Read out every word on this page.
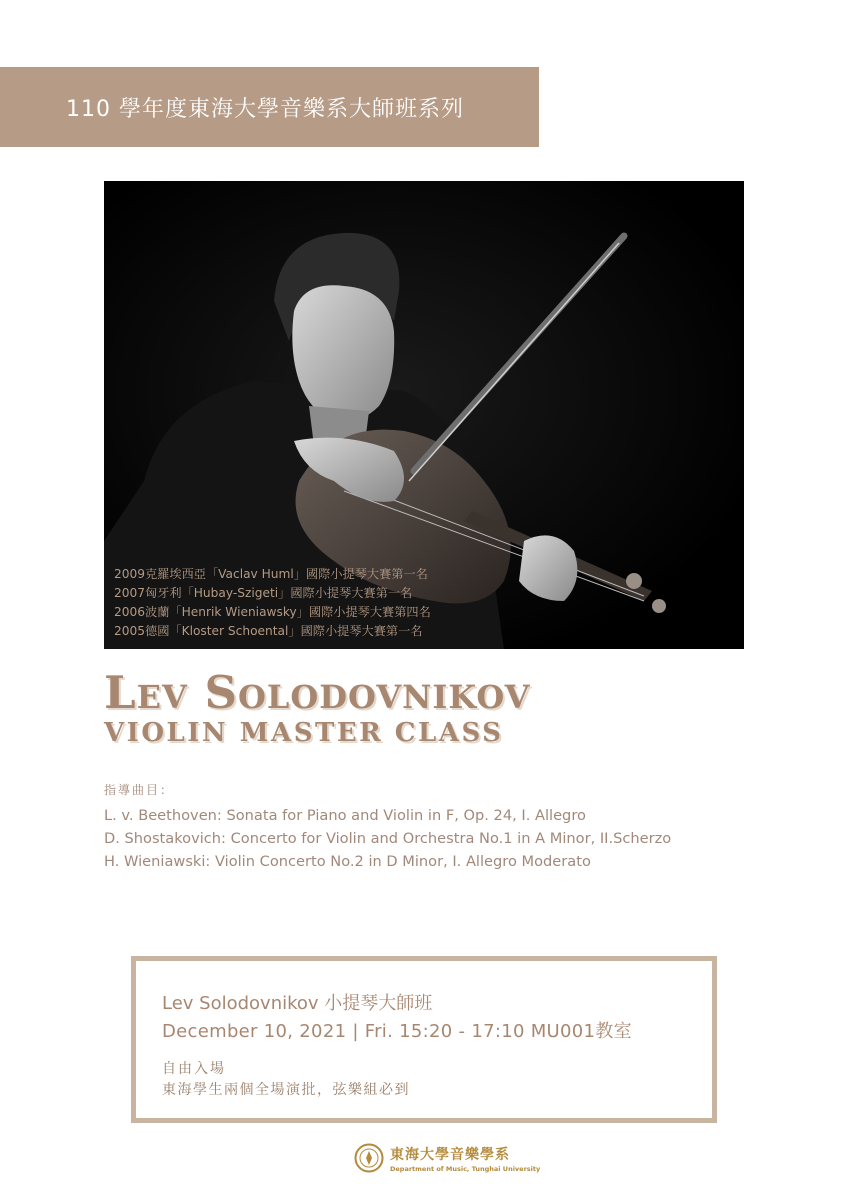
110 學年度東海大學音樂系大師班系列
2009克羅埃西亞「Vaclav Huml」國際小提琴大賽第一名
2007匈牙利「Hubay-Szigeti」國際小提琴大賽第一名
2006波蘭「Henrik Wieniawsky」國際小提琴大賽第四名
2005德國「Kloster Schoental」國際小提琴大賽第一名
Lev Solodovnikov
VIOLIN MASTER CLASS
指導曲目：
L. v. Beethoven: Sonata for Piano and Violin in F, Op. 24, I. Allegro
D. Shostakovich: Concerto for Violin and Orchestra No.1 in A Minor, II.Scherzo
H. Wieniawski: Violin Concerto No.2 in D Minor, I. Allegro Moderato
Lev Solodovnikov 小提琴大師班
December 10, 2021 | Fri. 15:20 - 17:10 MU001教室
自由入場
東海學生兩個全場演批，弦樂組必到
東海大學音樂學系
Department of Music, Tunghai University
